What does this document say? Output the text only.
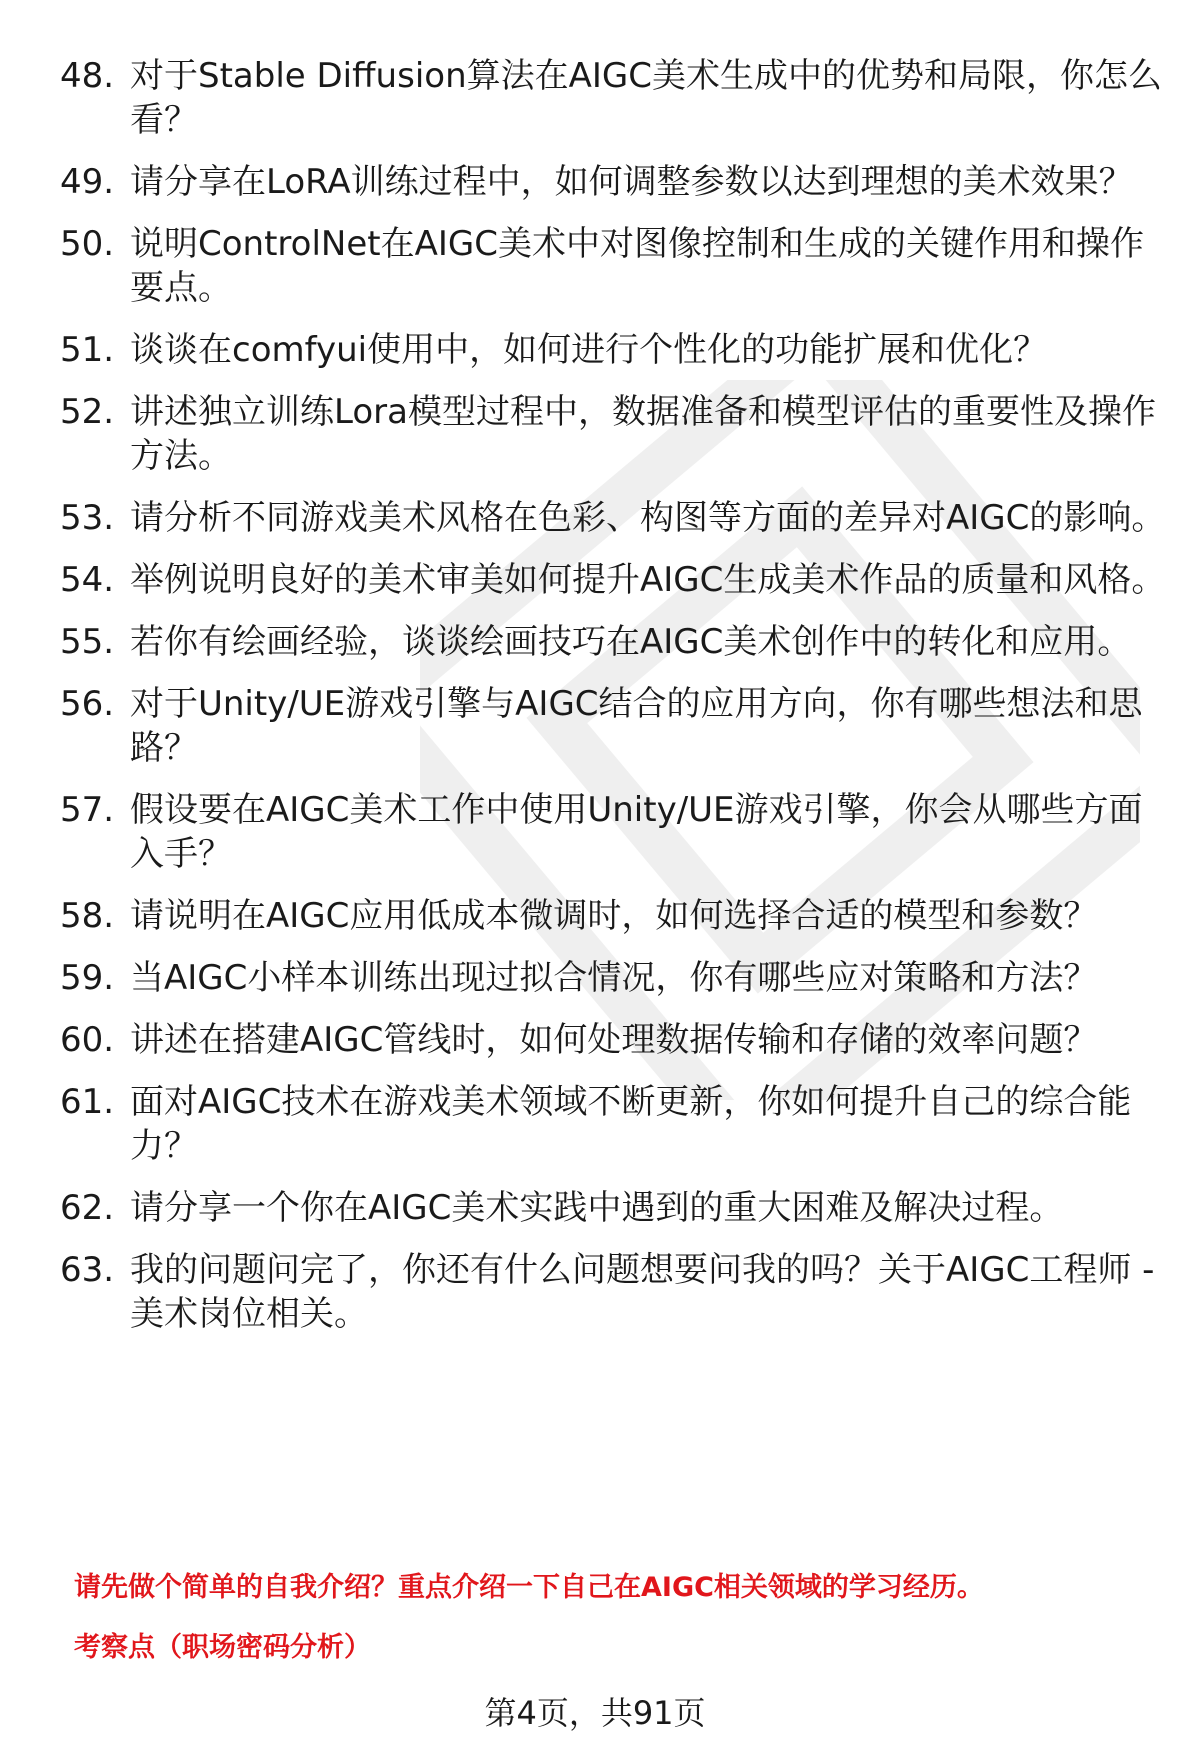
48. 对于Stable Diffusion算法在AIGC美术生成中的优势和局限，你怎么看？
49. 请分享在LoRA训练过程中，如何调整参数以达到理想的美术效果？
50. 说明ControlNet在AIGC美术中对图像控制和生成的关键作用和操作要点。
51. 谈谈在comfyui使用中，如何进行个性化的功能扩展和优化？
52. 讲述独立训练Lora模型过程中，数据准备和模型评估的重要性及操作方法。
53. 请分析不同游戏美术风格在色彩、构图等方面的差异对AIGC的影响。
54. 举例说明良好的美术审美如何提升AIGC生成美术作品的质量和风格。
55. 若你有绘画经验，谈谈绘画技巧在AIGC美术创作中的转化和应用。
56. 对于Unity/UE游戏引擎与AIGC结合的应用方向，你有哪些想法和思路？
57. 假设要在AIGC美术工作中使用Unity/UE游戏引擎，你会从哪些方面入手？
58. 请说明在AIGC应用低成本微调时，如何选择合适的模型和参数？
59. 当AIGC小样本训练出现过拟合情况，你有哪些应对策略和方法？
60. 讲述在搭建AIGC管线时，如何处理数据传输和存储的效率问题？
61. 面对AIGC技术在游戏美术领域不断更新，你如何提升自己的综合能力？
62. 请分享一个你在AIGC美术实践中遇到的重大困难及解决过程。
63. 我的问题问完了，你还有什么问题想要问我的吗？关于AIGC工程师 - 美术岗位相关。
请先做个简单的自我介绍？重点介绍一下自己在AIGC相关领域的学习经历。
考察点（职场密码分析）
第4页，共91页
